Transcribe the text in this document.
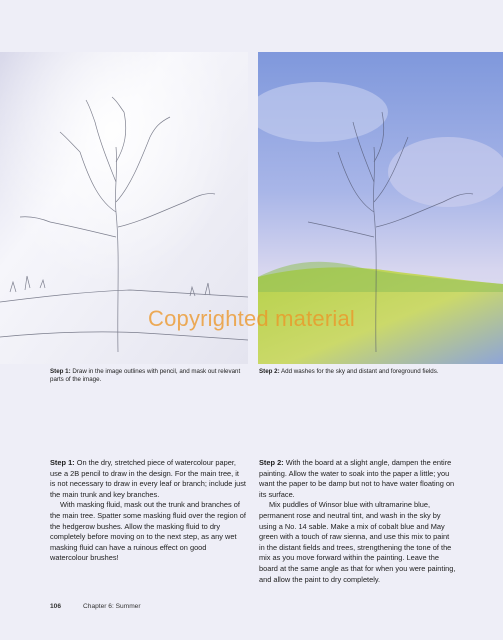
Copyrighted material
Step 1: Draw in the image outlines with pencil, and mask out relevant parts of the image.
Step 2: Add washes for the sky and distant and foreground fields.

Step 1: On the dry, stretched piece of watercolour paper, use a 2B pencil to draw in the design. For the main tree, it is not necessary to draw in every leaf or branch; include just the main trunk and key branches.

With masking fluid, mask out the trunk and branches of the main tree. Spatter some masking fluid over the region of the hedgerow bushes. Allow the masking fluid to dry completely before moving on to the next step, as any wet masking fluid can have a ruinous effect on good watercolour brushes!

Step 2: With the board at a slight angle, dampen the entire painting. Allow the water to soak into the paper a little; you want the paper to be damp but not to have water floating on its surface.

Mix puddles of Winsor blue with ultramarine blue, permanent rose and neutral tint, and wash in the sky by using a No. 14 sable. Make a mix of cobalt blue and May green with a touch of raw sienna, and use this mix to paint in the distant fields and trees, strengthening the tone of the mix as you move forward within the painting. Leave the board at the same angle as that for when you were painting, and allow the paint to dry completely.

106	Chapter 6: Summer
